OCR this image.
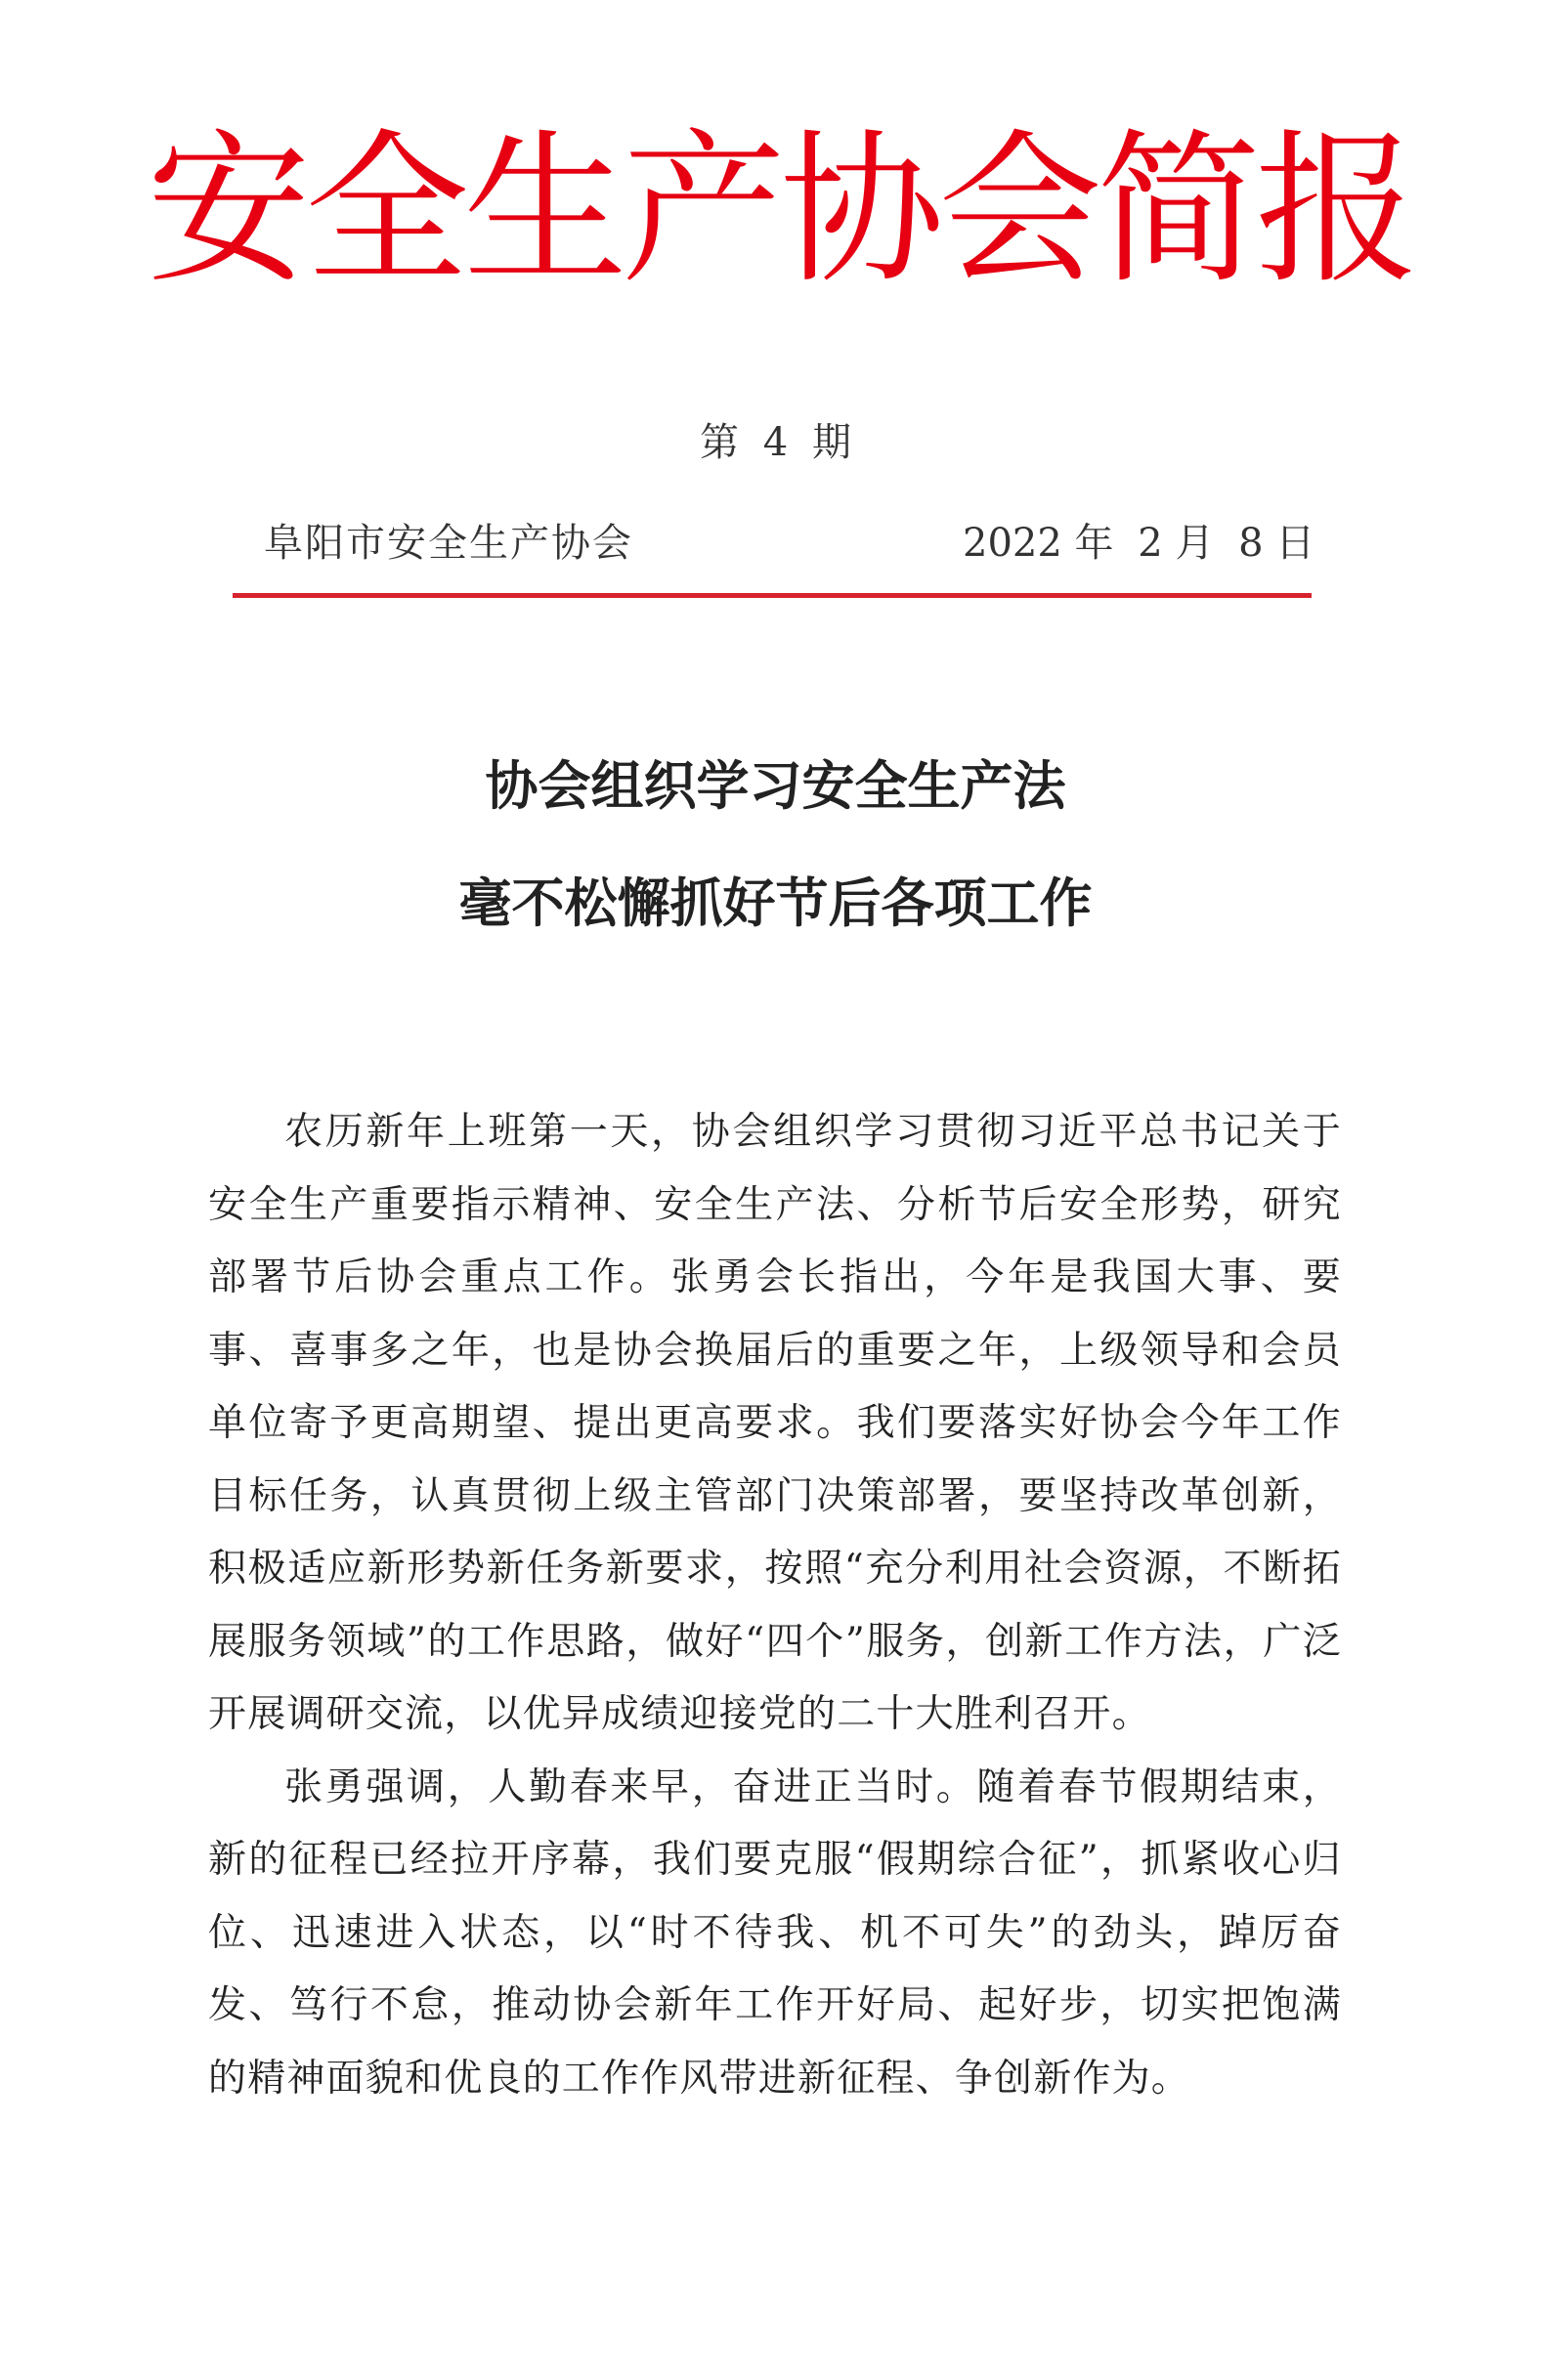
安全生产协会简报
第 4 期
阜阳市安全生产协会	2022 年 2 月 8 日
协会组织学习安全生产法
毫不松懈抓好节后各项工作

农历新年上班第一天，协会组织学习贯彻习近平总书记关于安全生产重要指示精神、安全生产法、分析节后安全形势，研究部署节后协会重点工作。张勇会长指出，今年是我国大事、要事、喜事多之年，也是协会换届后的重要之年，上级领导和会员单位寄予更高期望、提出更高要求。我们要落实好协会今年工作目标任务，认真贯彻上级主管部门决策部署，要坚持改革创新，积极适应新形势新任务新要求，按照“充分利用社会资源，不断拓展服务领域”的工作思路，做好“四个”服务，创新工作方法，广泛开展调研交流，以优异成绩迎接党的二十大胜利召开。

张勇强调，人勤春来早，奋进正当时。随着春节假期结束，新的征程已经拉开序幕，我们要克服“假期综合征”，抓紧收心归位、迅速进入状态，以“时不待我、机不可失”的劲头，踔厉奋发、笃行不怠，推动协会新年工作开好局、起好步，切实把饱满的精神面貌和优良的工作作风带进新征程、争创新作为。
